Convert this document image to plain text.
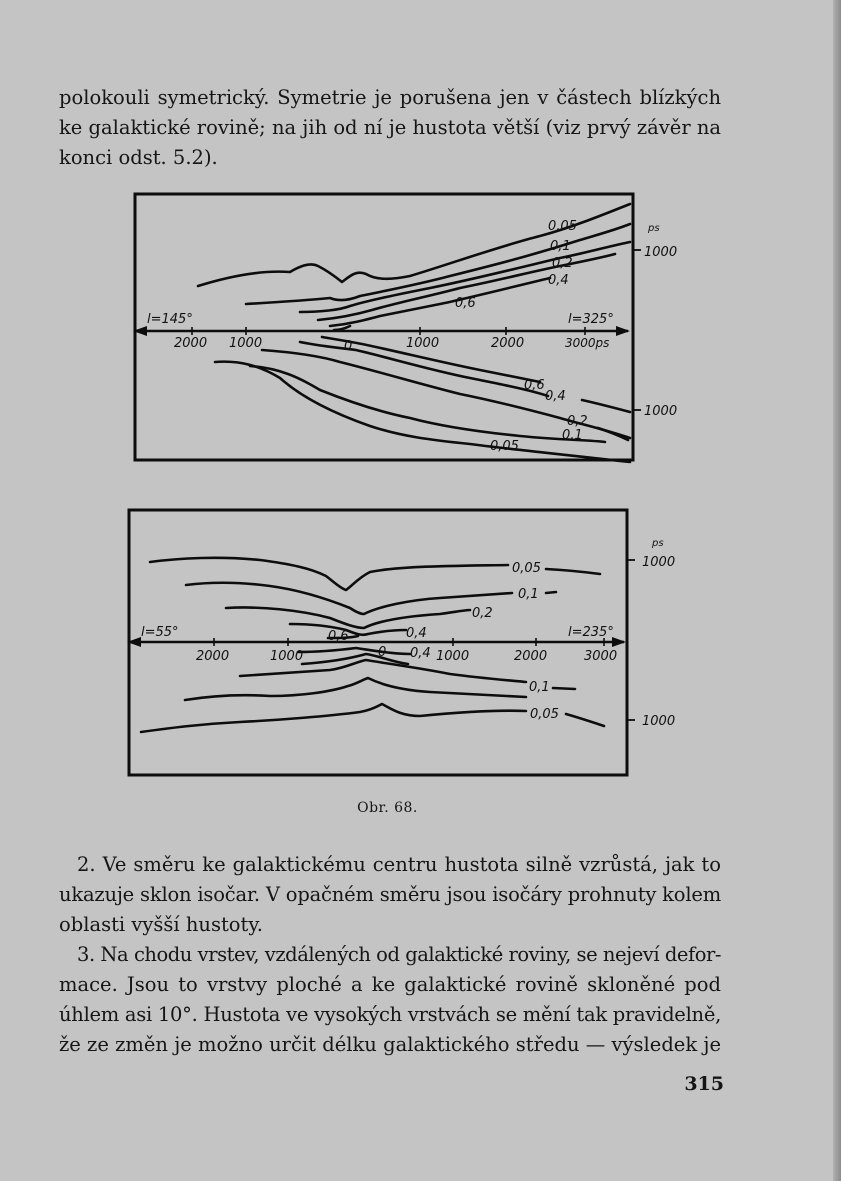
polokouli symetrický. Symetrie je porušena jen v částech blízkých
ke galaktické rovině; na jih od ní je hustota větší (viz prvý závěr na
konci odst. 5.2).
0,05
0,1
0,2
0,4
0,6
0,6
0,4
0,2
0,1
0,05
l=145°	l=325°
2000 1000	0	1000	2000	3000ps
ps
1000
1000
0,05
0,1
0,2
0,6	0,4
0,4
0,1
0,05
l=55°	l=235°
2000	1000	0	1000	2000	3000
ps
1000
1000
Obr. 68.
2. Ve směru ke galaktickému centru hustota silně vzrůstá, jak to
ukazuje sklon isočar. V opačném směru jsou isočáry prohnuty kolem
oblasti vyšší hustoty.
3. Na chodu vrstev, vzdálených od galaktické roviny, se nejeví defor-
mace. Jsou to vrstvy ploché a ke galaktické rovině skloněné pod
úhlem asi 10°. Hustota ve vysokých vrstvách se mění tak pravidelně,
že ze změn je možno určit délku galaktického středu — výsledek je
315
